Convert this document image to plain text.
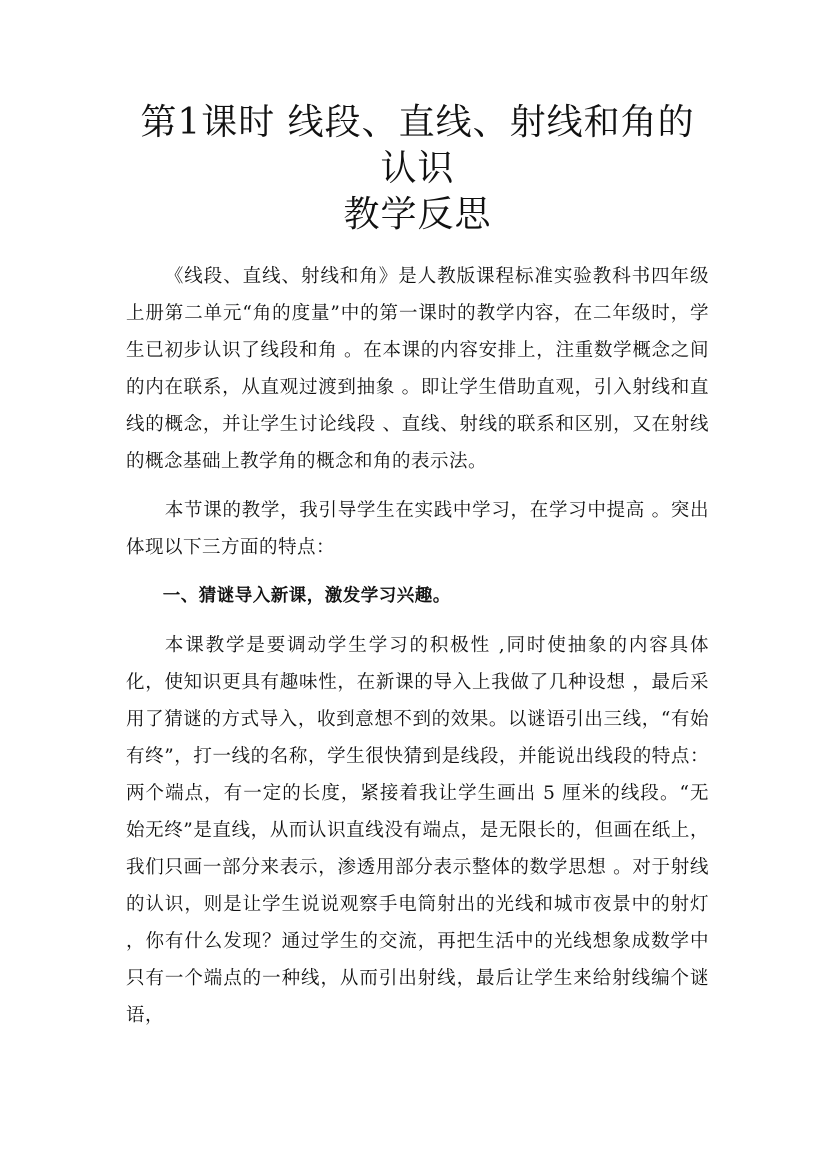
第1课时 线段、直线、射线和角的认识
教学反思

《线段、直线、射线和角》是人教版课程标准实验教科书四年级上册第二单元“角的度量”中的第一课时的教学内容，在二年级时，学生已初步认识了线段和角 。在本课的内容安排上，注重数学概念之间的内在联系，从直观过渡到抽象 。即让学生借助直观，引入射线和直线的概念，并让学生讨论线段 、直线、射线的联系和区别，又在射线的概念基础上教学角的概念和角的表示法。

本节课的教学，我引导学生在实践中学习，在学习中提高 。突出体现以下三方面的特点：

一、猜谜导入新课，激发学习兴趣。

本课教学是要调动学生学习的积极性 ,同时使抽象的内容具体化，使知识更具有趣味性，在新课的导入上我做了几种设想 ，最后采用了猜谜的方式导入，收到意想不到的效果。以谜语引出三线，“有始有终”，打一线的名称，学生很快猜到是线段，并能说出线段的特点：两个端点，有一定的长度，紧接着我让学生画出 5 厘米的线段。“无始无终”是直线，从而认识直线没有端点，是无限长的，但画在纸上，我们只画一部分来表示，渗透用部分表示整体的数学思想 。对于射线的认识，则是让学生说说观察手电筒射出的光线和城市夜景中的射灯 ，你有什么发现？通过学生的交流，再把生活中的光线想象成数学中只有一个端点的一种线，从而引出射线，最后让学生来给射线编个谜语，
